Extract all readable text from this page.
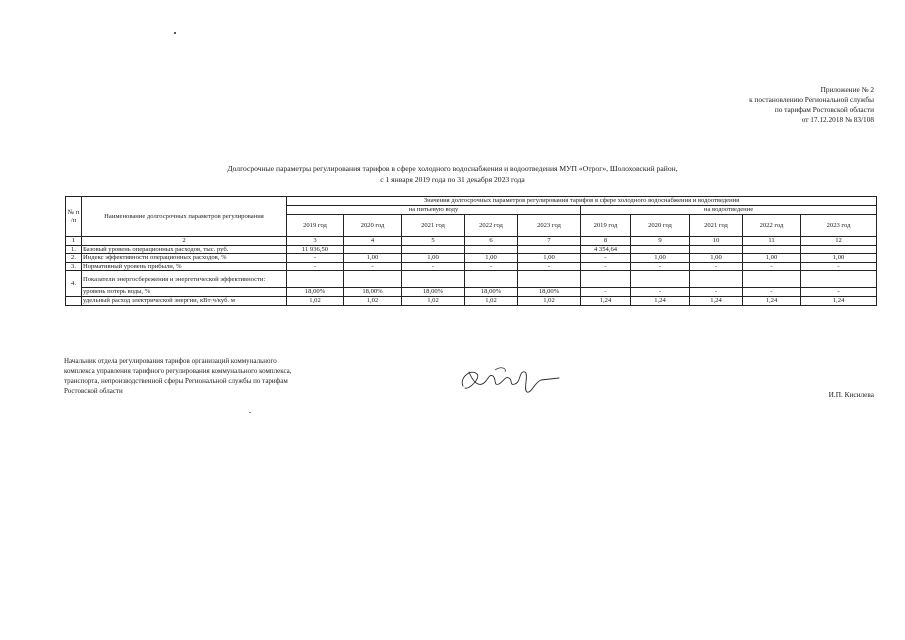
Приложение № 2
к постановлению Региональной службы
по тарифам Ростовской области
от 17.12.2018 № 83/108
Долгосрочные параметры регулирования тарифов в сфере холодного водоснабжения и водоотведения МУП «Отрог», Шолоховский район,
с 1 января 2019 года по 31 декабря 2023 года
№ п /п	Наименование долгосрочных параметров регулирования	Значения долгосрочных параметров регулирования тарифов в сфере холодного водоснабжения и водоотведения									
		на питьевую воду					на водоотведение				
		2019 год	2020 год	2021 год	2022 год	2023 год	2019 год	2020 год	2021 год	2022 год	2023 год
1	2	3	4	5	6	7	8	9	10	11	12
1.	Базовый уровень операционных расходов, тыс. руб.	11 936,50					4 354,64				
2.	Индекс эффективности операционных расходов, %	-	1,00	1,00	1,00	1,00	-	1,00	1,00	1,00	1,00
3.	Нормативный уровень прибыли, %	-	-	-	-	-	-	-	-	-	-
4.	Показатели энергосбережения и энергетической эффективности:										
	уровень потерь воды, %	18,00%	18,00%	18,00%	18,00%	18,00%	-	-	-	-	-
	удельный расход электрической энергии, кВт·ч/куб. м	1,02	1,02	1,02	1,02	1,02	1,24	1,24	1,24	1,24	1,24
Начальник отдела регулирования тарифов организаций коммунального
комплекса управления тарифного регулирования коммунального комплекса,
транспорта, непроизводственной сферы Региональной службы по тарифам
Ростовской области	И.П. Кисилева
